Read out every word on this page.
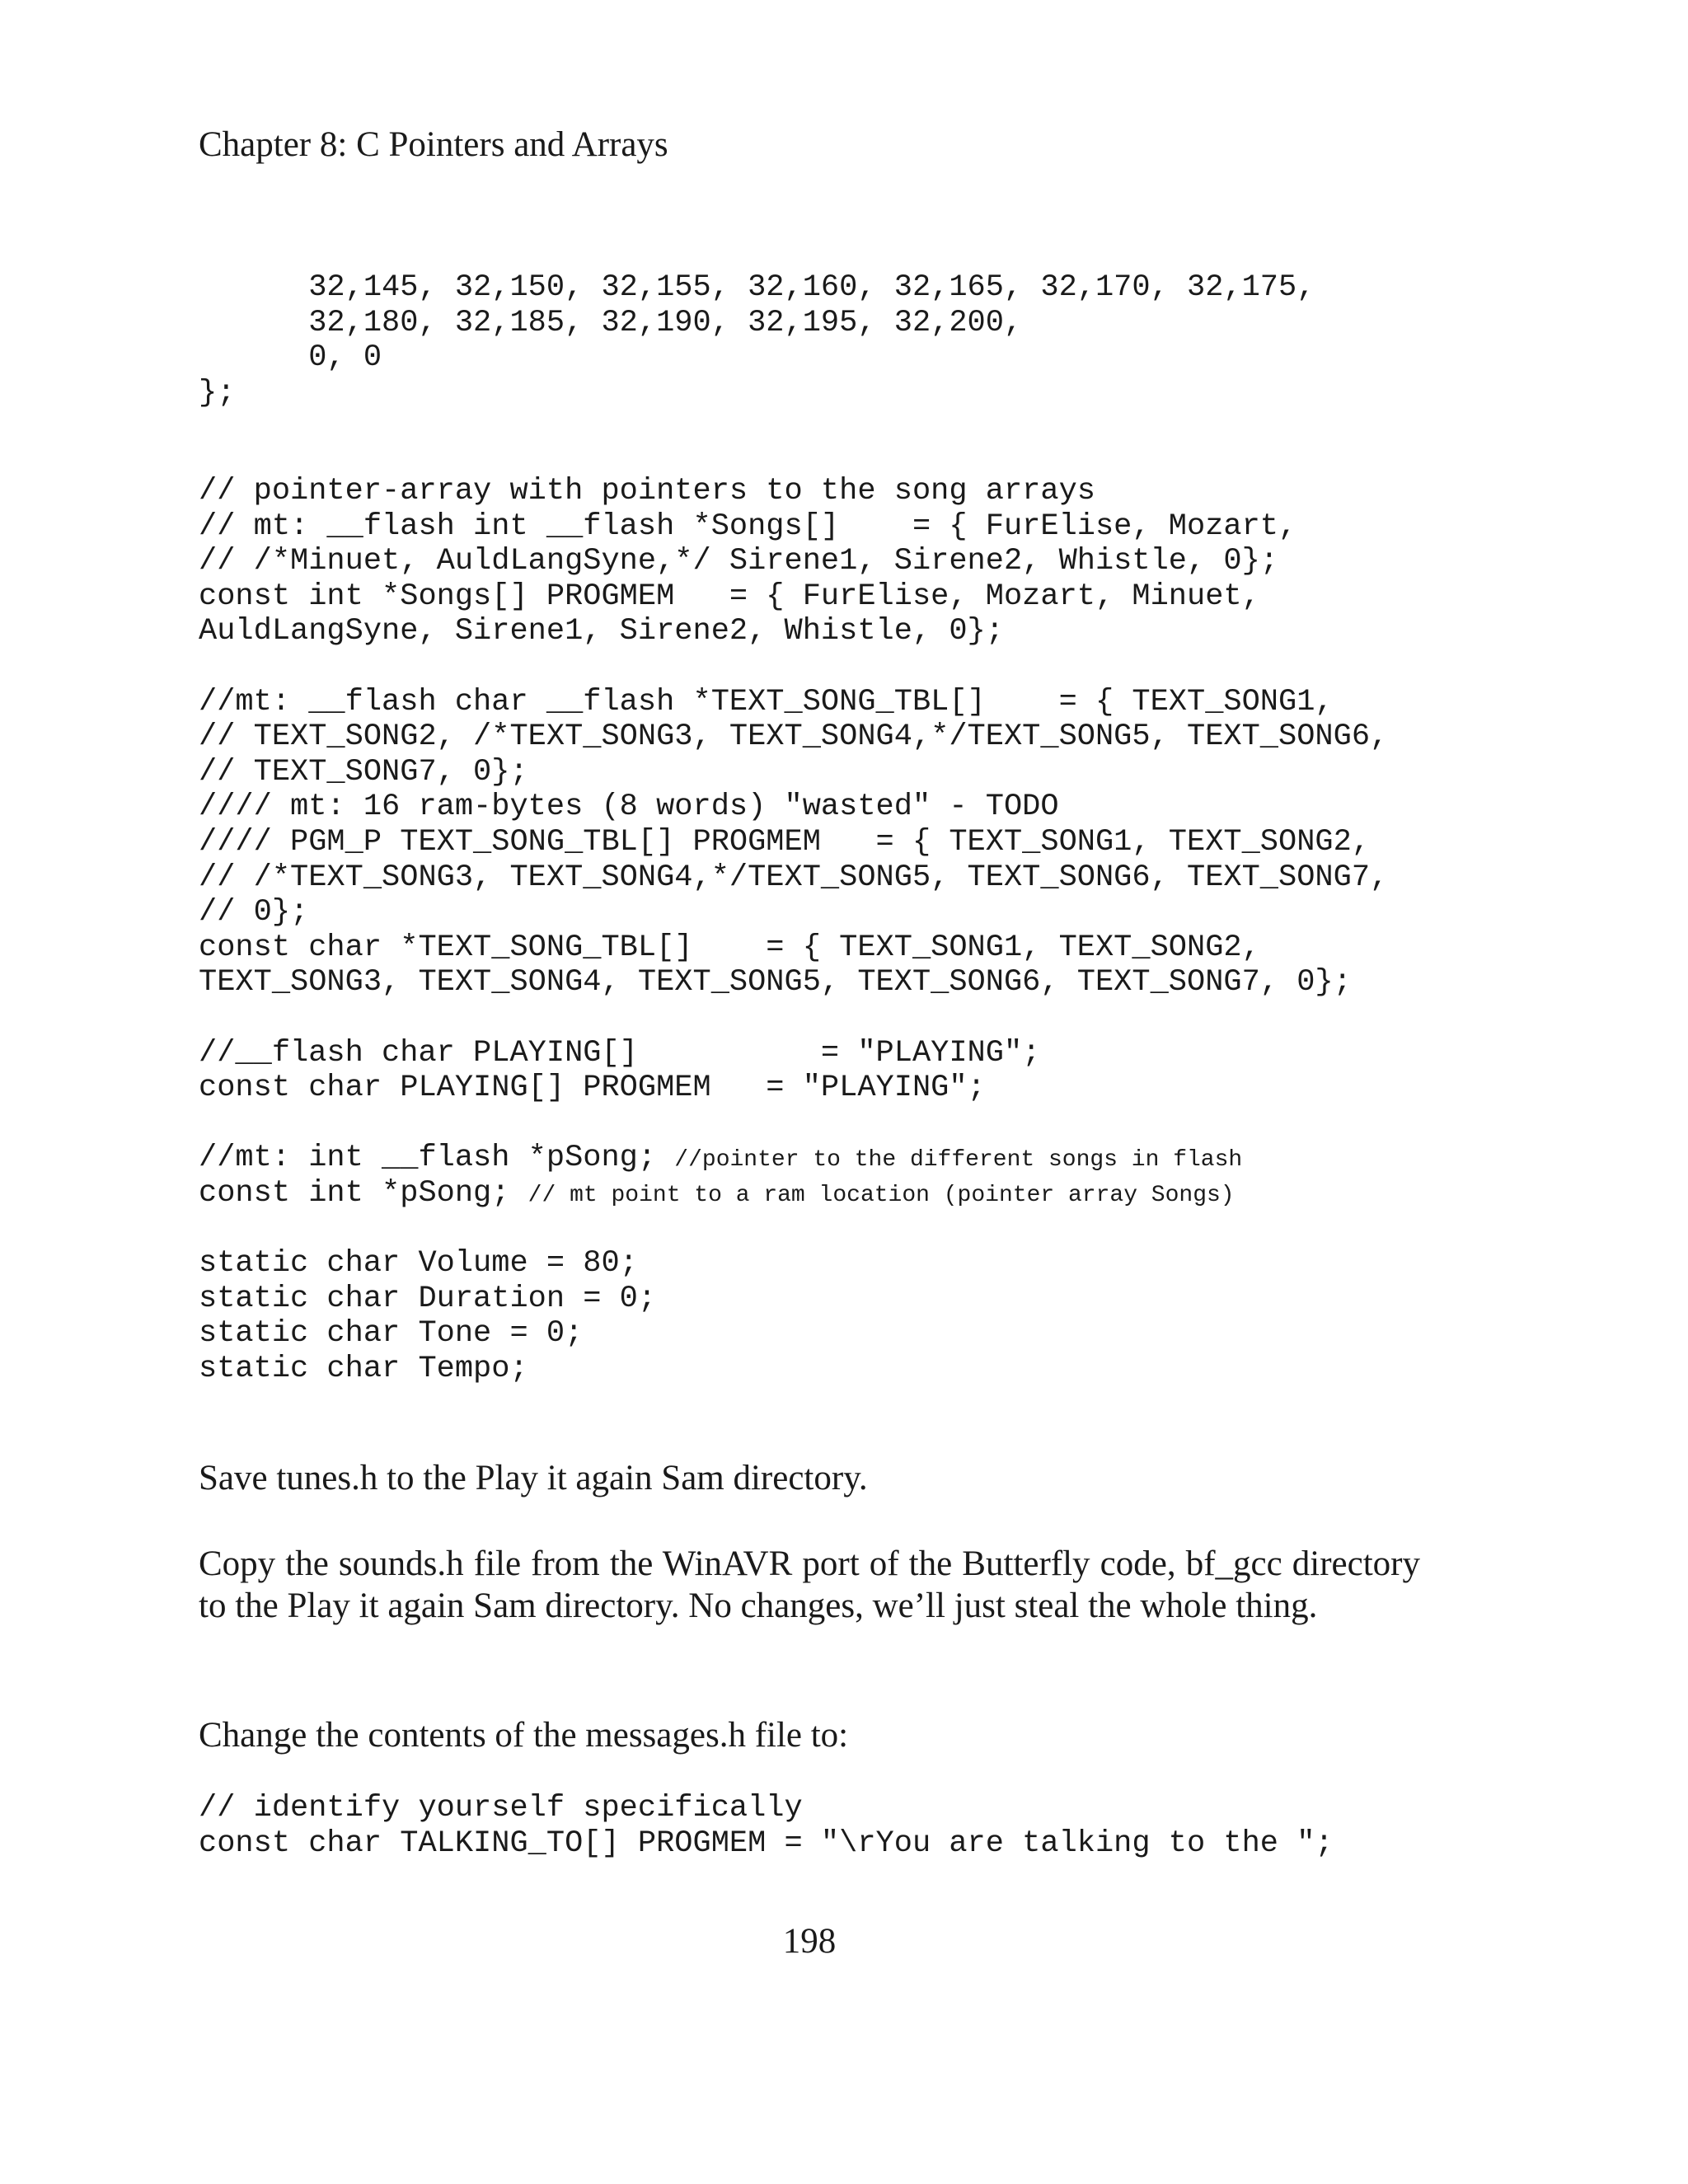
Chapter 8: C Pointers and Arrays
32,145, 32,150, 32,155, 32,160, 32,165, 32,170, 32,175,
32,180, 32,185, 32,190, 32,195, 32,200,
0, 0
};
// pointer-array with pointers to the song arrays
// mt: __flash int __flash *Songs[]    = { FurElise, Mozart,
// /*Minuet, AuldLangSyne,*/ Sirene1, Sirene2, Whistle, 0};
const int *Songs[] PROGMEM   = { FurElise, Mozart, Minuet,
AuldLangSyne, Sirene1, Sirene2, Whistle, 0};
//mt: __flash char __flash *TEXT_SONG_TBL[]    = { TEXT_SONG1,
// TEXT_SONG2, /*TEXT_SONG3, TEXT_SONG4,*/TEXT_SONG5, TEXT_SONG6,
// TEXT_SONG7, 0};
//// mt: 16 ram-bytes (8 words) "wasted" - TODO
//// PGM_P TEXT_SONG_TBL[] PROGMEM   = { TEXT_SONG1, TEXT_SONG2,
// /*TEXT_SONG3, TEXT_SONG4,*/TEXT_SONG5, TEXT_SONG6, TEXT_SONG7,
// 0};
const char *TEXT_SONG_TBL[]    = { TEXT_SONG1, TEXT_SONG2,
TEXT_SONG3, TEXT_SONG4, TEXT_SONG5, TEXT_SONG6, TEXT_SONG7, 0};
//__flash char PLAYING[]          = "PLAYING";
const char PLAYING[] PROGMEM   = "PLAYING";
//mt: int __flash *pSong; //pointer to the different songs in flash
const int *pSong; // mt point to a ram location (pointer array Songs)
static char Volume = 80;
static char Duration = 0;
static char Tone = 0;
static char Tempo;

Save tunes.h to the Play it again Sam directory.

Copy the sounds.h file from the WinAVR port of the Butterfly code, bf_gcc directory to the Play it again Sam directory. No changes, we’ll just steal the whole thing.

Change the contents of the messages.h file to:

// identify yourself specifically
const char TALKING_TO[] PROGMEM = "\rYou are talking to the ";
198
